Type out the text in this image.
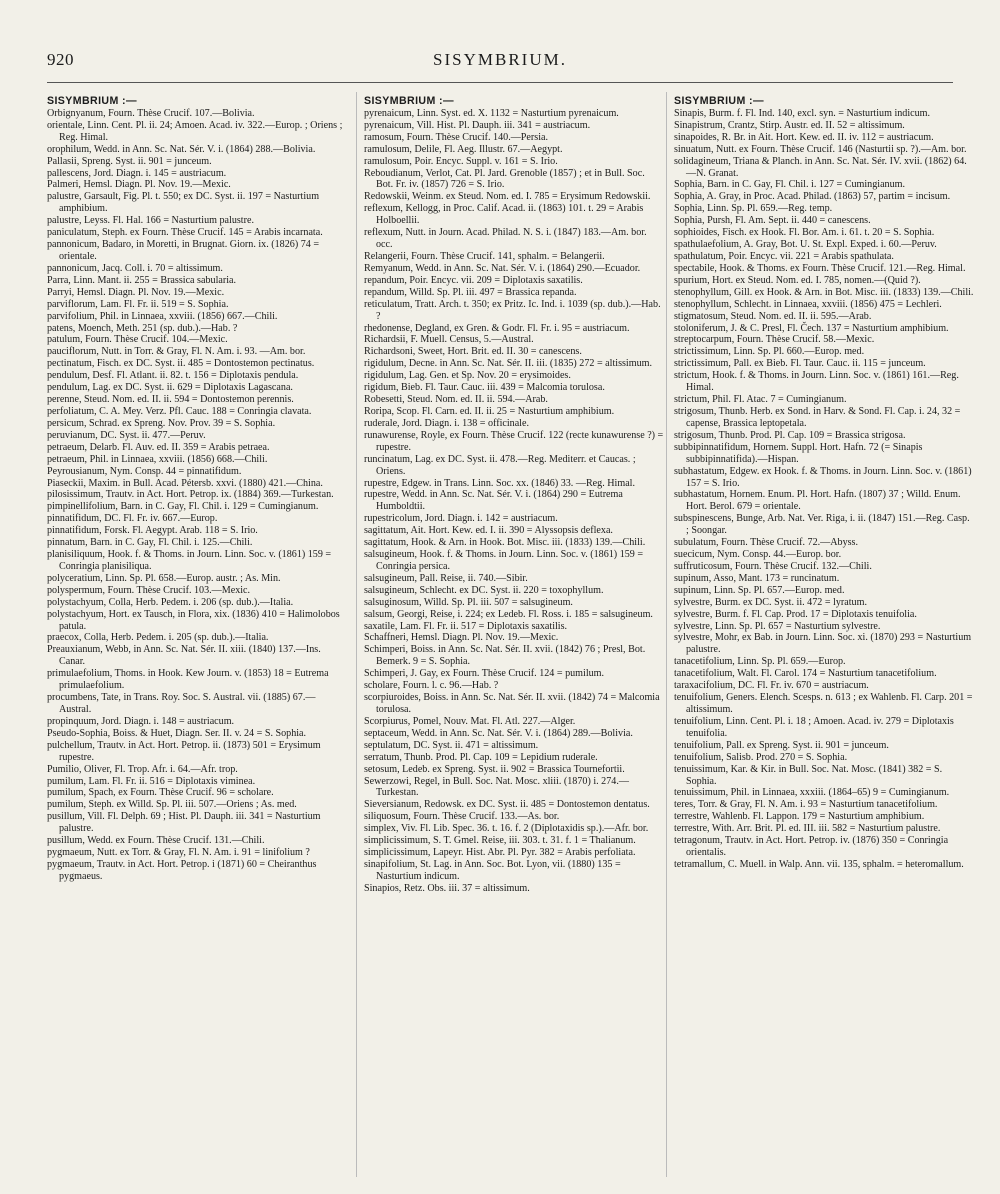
920	SISYMBRIUM.

SISYMBRIUM :—

Orbignyanum, Fourn. Thèse Crucif. 107.—Bolivia.

orientale, Linn. Cent. Pl. ii. 24; Amoen. Acad. iv. 322.—Europ. ; Oriens ; Reg. Himal.

orophilum, Wedd. in Ann. Sc. Nat. Sér. V. i. (1864) 288.—Bolivia.

Pallasii, Spreng. Syst. ii. 901 = junceum.

pallescens, Jord. Diagn. i. 145 = austriacum.

Palmeri, Hemsl. Diagn. Pl. Nov. 19.—Mexic.

palustre, Garsault, Fig. Pl. t. 550; ex DC. Syst. ii. 197 = Nasturtium amphibium.

palustre, Leyss. Fl. Hal. 166 = Nasturtium palustre.

paniculatum, Steph. ex Fourn. Thèse Crucif. 145 = Arabis incarnata.

pannonicum, Badaro, in Moretti, in Brugnat. Giorn. ix. (1826) 74 = orientale.

pannonicum, Jacq. Coll. i. 70 = altissimum.

Parra, Linn. Mant. ii. 255 = Brassica sabularia.

Parryi, Hemsl. Diagn. Pl. Nov. 19.—Mexic.

parviflorum, Lam. Fl. Fr. ii. 519 = S. Sophia.

parvifolium, Phil. in Linnaea, xxviii. (1856) 667.—Chili.

patens, Moench, Meth. 251 (sp. dub.).—Hab. ?

patulum, Fourn. Thèse Crucif. 104.—Mexic.

pauciflorum, Nutt. in Torr. & Gray, Fl. N. Am. i. 93. —Am. bor.

pectinatum, Fisch. ex DC. Syst. ii. 485 = Dontostemon pectinatus.

pendulum, Desf. Fl. Atlant. ii. 82. t. 156 = Diplotaxis pendula.

pendulum, Lag. ex DC. Syst. ii. 629 = Diplotaxis Lagascana.

perenne, Steud. Nom. ed. II. ii. 594 = Dontostemon perennis.

perfoliatum, C. A. Mey. Verz. Pfl. Cauc. 188 = Conringia clavata.

persicum, Schrad. ex Spreng. Nov. Prov. 39 = S. Sophia.

peruvianum, DC. Syst. ii. 477.—Peruv.

petraeum, Delarb. Fl. Auv. ed. II. 359 = Arabis petraea.

petraeum, Phil. in Linnaea, xxviii. (1856) 668.—Chili.

Peyrousianum, Nym. Consp. 44 = pinnatifidum.

Piaseckii, Maxim. in Bull. Acad. Pétersb. xxvi. (1880) 421.—China.

pilosissimum, Trautv. in Act. Hort. Petrop. ix. (1884) 369.—Turkestan.

pimpinellifolium, Barn. in C. Gay, Fl. Chil. i. 129 = Cumingianum.

pinnatifidum, DC. Fl. Fr. iv. 667.—Europ.

pinnatifidum, Forsk. Fl. Aegypt. Arab. 118 = S. Irio.

pinnatum, Barn. in C. Gay, Fl. Chil. i. 125.—Chili.

planisiliquum, Hook. f. & Thoms. in Journ. Linn. Soc. v. (1861) 159 = Conringia planisiliqua.

polyceratium, Linn. Sp. Pl. 658.—Europ. austr. ; As. Min.

polyspermum, Fourn. Thèse Crucif. 103.—Mexic.

polystachyum, Colla, Herb. Pedem. i. 206 (sp. dub.).—Italia.

polystachyum, Hort. ex Tausch, in Flora, xix. (1836) 410 = Halimolobos patula.

praecox, Colla, Herb. Pedem. i. 205 (sp. dub.).—Italia.

Preauxianum, Webb, in Ann. Sc. Nat. Sér. II. xiii. (1840) 137.—Ins. Canar.

primulaefolium, Thoms. in Hook. Kew Journ. v. (1853) 18 = Eutrema primulaefolium.

procumbens, Tate, in Trans. Roy. Soc. S. Austral. vii. (1885) 67.—Austral.

propinquum, Jord. Diagn. i. 148 = austriacum.

Pseudo-Sophia, Boiss. & Huet, Diagn. Ser. II. v. 24 = S. Sophia.

pulchellum, Trautv. in Act. Hort. Petrop. ii. (1873) 501 = Erysimum rupestre.

Pumilio, Oliver, Fl. Trop. Afr. i. 64.—Afr. trop.

pumilum, Lam. Fl. Fr. ii. 516 = Diplotaxis viminea.

pumilum, Spach, ex Fourn. Thèse Crucif. 96 = scholare.

pumilum, Steph. ex Willd. Sp. Pl. iii. 507.—Oriens ; As. med.

pusillum, Vill. Fl. Delph. 69 ; Hist. Pl. Dauph. iii. 341 = Nasturtium palustre.

pusillum, Wedd. ex Fourn. Thèse Crucif. 131.—Chili.

pygmaeum, Nutt. ex Torr. & Gray, Fl. N. Am. i. 91 = linifolium ?

pygmaeum, Trautv. in Act. Hort. Petrop. i (1871) 60 = Cheiranthus pygmaeus.

SISYMBRIUM :—

pyrenaicum, Linn. Syst. ed. X. 1132 = Nasturtium pyrenaicum.

pyrenaicum, Vill. Hist. Pl. Dauph. iii. 341 = austriacum.

ramosum, Fourn. Thèse Crucif. 140.—Persia.

ramulosum, Delile, Fl. Aeg. Illustr. 67.—Aegypt.

ramulosum, Poir. Encyc. Suppl. v. 161 = S. Irio.

Reboudianum, Verlot, Cat. Pl. Jard. Grenoble (1857) ; et in Bull. Soc. Bot. Fr. iv. (1857) 726 = S. Irio.

Redowskii, Weinm. ex Steud. Nom. ed. I. 785 = Erysimum Redowskii.

reflexum, Kellogg, in Proc. Calif. Acad. ii. (1863) 101. t. 29 = Arabis Holboellii.

reflexum, Nutt. in Journ. Acad. Philad. N. S. i. (1847) 183.—Am. bor. occ.

Relangerii, Fourn. Thèse Crucif. 141, sphalm. = Belangerii.

Remyanum, Wedd. in Ann. Sc. Nat. Sér. V. i. (1864) 290.—Ecuador.

repandum, Poir. Encyc. vii. 209 = Diplotaxis saxatilis.

repandum, Willd. Sp. Pl. iii. 497 = Brassica repanda.

reticulatum, Tratt. Arch. t. 350; ex Pritz. Ic. Ind. i. 1039 (sp. dub.).—Hab. ?

rhedonense, Degland, ex Gren. & Godr. Fl. Fr. i. 95 = austriacum.

Richardsii, F. Muell. Census, 5.—Austral.

Richardsoni, Sweet, Hort. Brit. ed. II. 30 = canescens.

rigidulum, Decne. in Ann. Sc. Nat. Sér. II. iii. (1835) 272 = altissimum.

rigidulum, Lag. Gen. et Sp. Nov. 20 = erysimoides.

rigidum, Bieb. Fl. Taur. Cauc. iii. 439 = Malcomia torulosa.

Robesetti, Steud. Nom. ed. II. ii. 594.—Arab.

Roripa, Scop. Fl. Carn. ed. II. ii. 25 = Nasturtium amphibium.

ruderale, Jord. Diagn. i. 138 = officinale.

runawurense, Royle, ex Fourn. Thèse Crucif. 122 (recte kunawurense ?) = rupestre.

runcinatum, Lag. ex DC. Syst. ii. 478.—Reg. Mediterr. et Caucas. ; Oriens.

rupestre, Edgew. in Trans. Linn. Soc. xx. (1846) 33. —Reg. Himal.

rupestre, Wedd. in Ann. Sc. Nat. Sér. V. i. (1864) 290 = Eutrema Humboldtii.

rupestricolum, Jord. Diagn. i. 142 = austriacum.

sagittatum, Ait. Hort. Kew. ed. I. ii. 390 = Alyssopsis deflexa.

sagittatum, Hook. & Arn. in Hook. Bot. Misc. iii. (1833) 139.—Chili.

salsugineum, Hook. f. & Thoms. in Journ. Linn. Soc. v. (1861) 159 = Conringia persica.

salsugineum, Pall. Reise, ii. 740.—Sibir.

salsugineum, Schlecht. ex DC. Syst. ii. 220 = toxophyllum.

salsuginosum, Willd. Sp. Pl. iii. 507 = salsugineum.

salsum, Georgi, Reise, i. 224; ex Ledeb. Fl. Ross. i. 185 = salsugineum.

saxatile, Lam. Fl. Fr. ii. 517 = Diplotaxis saxatilis.

Schaffneri, Hemsl. Diagn. Pl. Nov. 19.—Mexic.

Schimperi, Boiss. in Ann. Sc. Nat. Sér. II. xvii. (1842) 76 ; Presl, Bot. Bemerk. 9 = S. Sophia.

Schimperi, J. Gay, ex Fourn. Thèse Crucif. 124 = pumilum.

scholare, Fourn. l. c. 96.—Hab. ?

scorpiuroides, Boiss. in Ann. Sc. Nat. Sér. II. xvii. (1842) 74 = Malcomia torulosa.

Scorpiurus, Pomel, Nouv. Mat. Fl. Atl. 227.—Alger.

septaceum, Wedd. in Ann. Sc. Nat. Sér. V. i. (1864) 289.—Bolivia.

septulatum, DC. Syst. ii. 471 = altissimum.

serratum, Thunb. Prod. Pl. Cap. 109 = Lepidium ruderale.

setosum, Ledeb. ex Spreng. Syst. ii. 902 = Brassica Tournefortii.

Sewerzowi, Regel, in Bull. Soc. Nat. Mosc. xliii. (1870) i. 274.—Turkestan.

Sieversianum, Redowsk. ex DC. Syst. ii. 485 = Dontostemon dentatus.

siliquosum, Fourn. Thèse Crucif. 133.—As. bor.

simplex, Viv. Fl. Lib. Spec. 36. t. 16. f. 2 (Diplotaxidis sp.).—Afr. bor.

simplicissimum, S. T. Gmel. Reise, iii. 303. t. 31. f. 1 = Thalianum.

simplicissimum, Lapeyr. Hist. Abr. Pl. Pyr. 382 = Arabis perfoliata.

sinapifolium, St. Lag. in Ann. Soc. Bot. Lyon, vii. (1880) 135 = Nasturtium indicum.

Sinapios, Retz. Obs. iii. 37 = altissimum.

SISYMBRIUM :—

Sinapis, Burm. f. Fl. Ind. 140, excl. syn. = Nasturtium indicum.

Sinapistrum, Crantz, Stirp. Austr. ed. II. 52 = altissimum.

sinapoides, R. Br. in Ait. Hort. Kew. ed. II. iv. 112 = austriacum.

sinuatum, Nutt. ex Fourn. Thèse Crucif. 146 (Nasturtii sp. ?).—Am. bor.

solidagineum, Triana & Planch. in Ann. Sc. Nat. Sér. IV. xvii. (1862) 64.—N. Granat.

Sophia, Barn. in C. Gay, Fl. Chil. i. 127 = Cumingianum.

Sophia, A. Gray, in Proc. Acad. Philad. (1863) 57, partim = incisum.

Sophia, Linn. Sp. Pl. 659.—Reg. temp.

Sophia, Pursh, Fl. Am. Sept. ii. 440 = canescens.

sophioides, Fisch. ex Hook. Fl. Bor. Am. i. 61. t. 20 = S. Sophia.

spathulaefolium, A. Gray, Bot. U. St. Expl. Exped. i. 60.—Peruv.

spathulatum, Poir. Encyc. vii. 221 = Arabis spathulata.

spectabile, Hook. & Thoms. ex Fourn. Thèse Crucif. 121.—Reg. Himal.

spurium, Hort. ex Steud. Nom. ed. I. 785, nomen.—(Quid ?).

stenophyllum, Gill. ex Hook. & Arn. in Bot. Misc. iii. (1833) 139.—Chili.

stenophyllum, Schlecht. in Linnaea, xxviii. (1856) 475 = Lechleri.

stigmatosum, Steud. Nom. ed. II. ii. 595.—Arab.

stoloniferum, J. & C. Presl, Fl. Čech. 137 = Nasturtium amphibium.

streptocarpum, Fourn. Thèse Crucif. 58.—Mexic.

strictissimum, Linn. Sp. Pl. 660.—Europ. med.

strictissimum, Pall. ex Bieb. Fl. Taur. Cauc. ii. 115 = junceum.

strictum, Hook. f. & Thoms. in Journ. Linn. Soc. v. (1861) 161.—Reg. Himal.

strictum, Phil. Fl. Atac. 7 = Cumingianum.

strigosum, Thunb. Herb. ex Sond. in Harv. & Sond. Fl. Cap. i. 24, 32 = capense, Brassica leptopetala.

strigosum, Thunb. Prod. Pl. Cap. 109 = Brassica strigosa.

subbipinnatifidum, Hornem. Suppl. Hort. Hafn. 72 (= Sinapis subbipinnatifida).—Hispan.

subhastatum, Edgew. ex Hook. f. & Thoms. in Journ. Linn. Soc. v. (1861) 157 = S. Irio.

subhastatum, Hornem. Enum. Pl. Hort. Hafn. (1807) 37 ; Willd. Enum. Hort. Berol. 679 = orientale.

subspinescens, Bunge, Arb. Nat. Ver. Riga, i. ii. (1847) 151.—Reg. Casp. ; Soongar.

subulatum, Fourn. Thèse Crucif. 72.—Abyss.

suecicum, Nym. Consp. 44.—Europ. bor.

suffruticosum, Fourn. Thèse Crucif. 132.—Chili.

supinum, Asso, Mant. 173 = runcinatum.

supinum, Linn. Sp. Pl. 657.—Europ. med.

sylvestre, Burm. ex DC. Syst. ii. 472 = lyratum.

sylvestre, Burm. f. Fl. Cap. Prod. 17 = Diplotaxis tenuifolia.

sylvestre, Linn. Sp. Pl. 657 = Nasturtium sylvestre.

sylvestre, Mohr, ex Bab. in Journ. Linn. Soc. xi. (1870) 293 = Nasturtium palustre.

tanacetifolium, Linn. Sp. Pl. 659.—Europ.

tanacetifolium, Walt. Fl. Carol. 174 = Nasturtium tanacetifolium.

taraxacifolium, DC. Fl. Fr. iv. 670 = austriacum.

tenuifolium, Geners. Elench. Scesps. n. 613 ; ex Wahlenb. Fl. Carp. 201 = altissimum.

tenuifolium, Linn. Cent. Pl. i. 18 ; Amoen. Acad. iv. 279 = Diplotaxis tenuifolia.

tenuifolium, Pall. ex Spreng. Syst. ii. 901 = junceum.

tenuifolium, Salisb. Prod. 270 = S. Sophia.

tenuissimum, Kar. & Kir. in Bull. Soc. Nat. Mosc. (1841) 382 = S. Sophia.

tenuissimum, Phil. in Linnaea, xxxiii. (1864–65) 9 = Cumingianum.

teres, Torr. & Gray, Fl. N. Am. i. 93 = Nasturtium tanacetifolium.

terrestre, Wahlenb. Fl. Lappon. 179 = Nasturtium amphibium.

terrestre, With. Arr. Brit. Pl. ed. III. iii. 582 = Nasturtium palustre.

tetragonum, Trautv. in Act. Hort. Petrop. iv. (1876) 350 = Conringia orientalis.

tetramallum, C. Muell. in Walp. Ann. vii. 135, sphalm. = heteromallum.
